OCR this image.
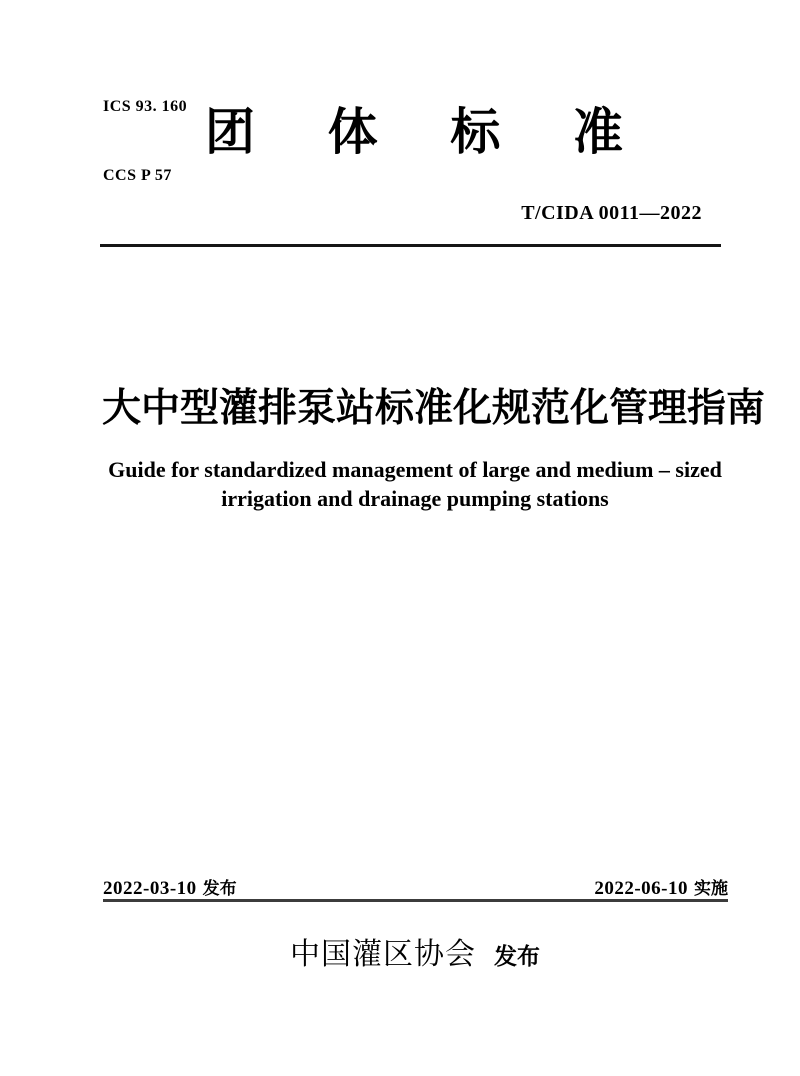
ICS 93. 160

CCS P 57

团 体 标 准
T/CIDA 0011—2022
大中型灌排泵站标准化规范化管理指南
Guide for standardized management of large and medium – sized
irrigation and drainage pumping stations
2022-03-10 发布	2022-06-10 实施
中国灌区协会 发布
